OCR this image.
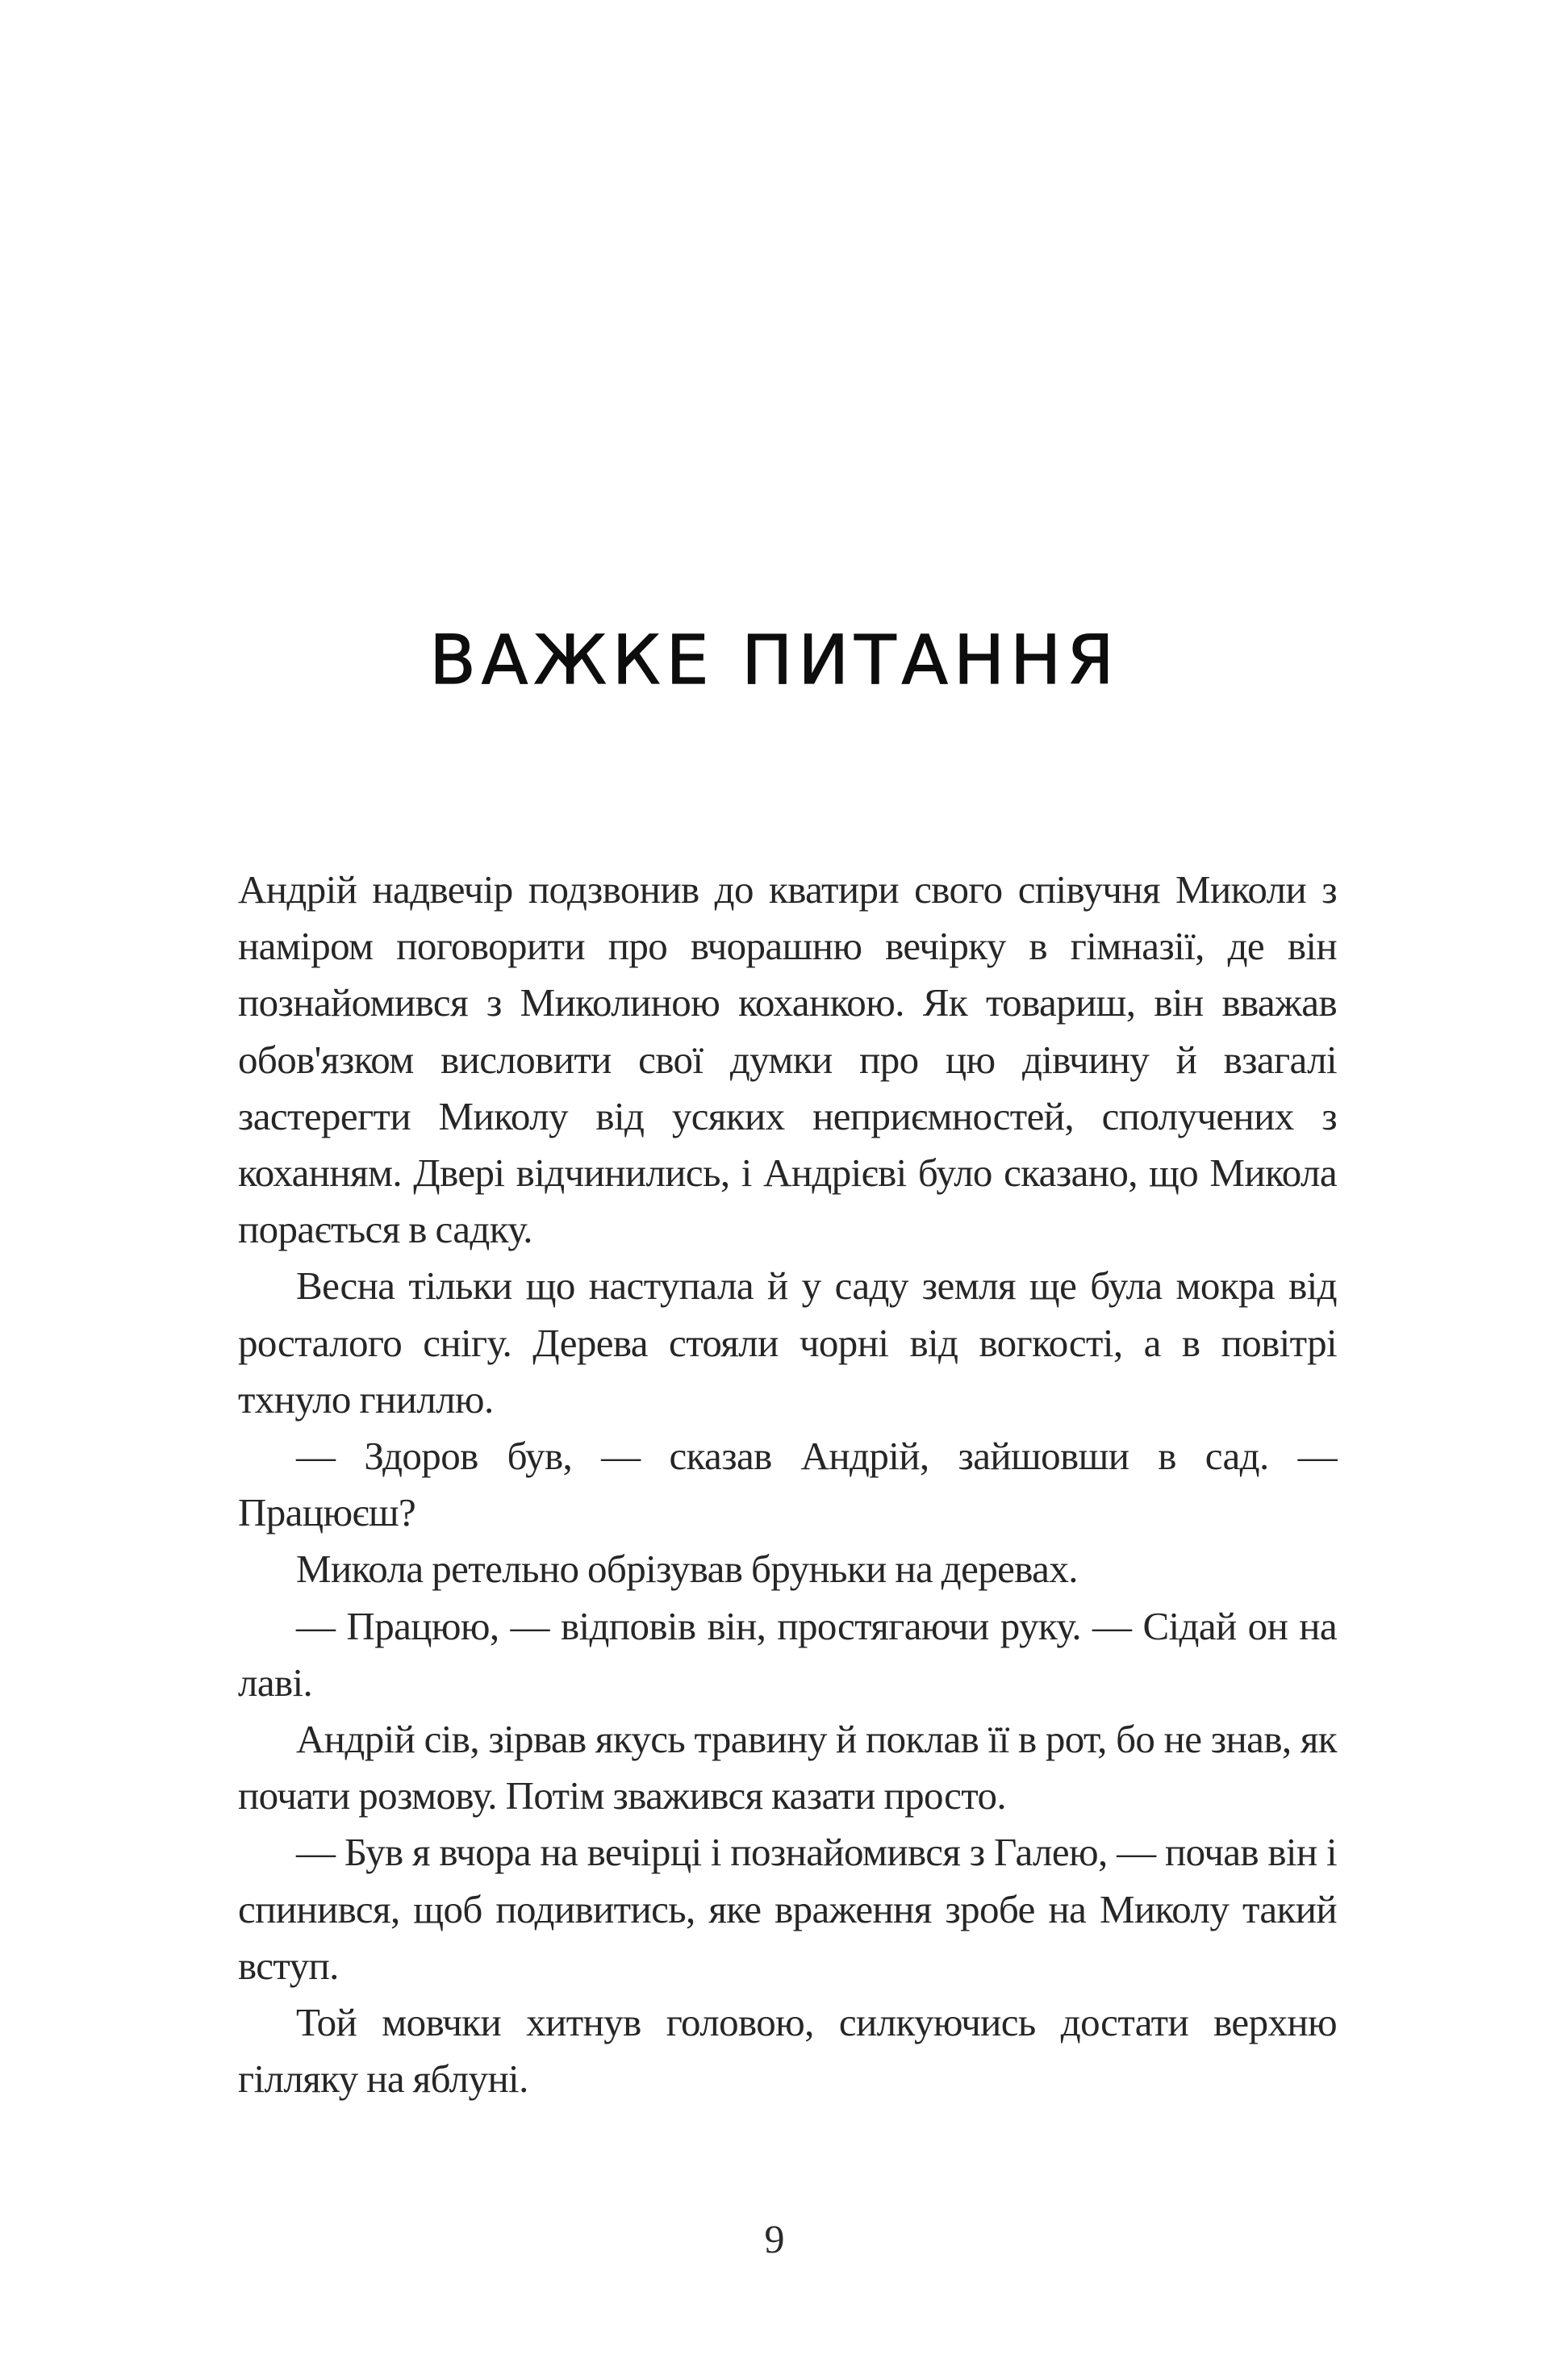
ВАЖКЕ ПИТАННЯ

Андрій надвечір подзвонив до кватири свого співучня Миколи з наміром поговорити про вчорашню вечірку в гімназії, де він познайомився з Миколиною коханкою. Як товариш, він вважав обов'язком висловити свої думки про цю дівчину й взагалі застерегти Миколу від усяких неприємностей, сполучених з коханням. Двері відчинились, і Андрієві було сказано, що Микола порається в садку.

Весна тільки що наступала й у саду земля ще була мокра від росталого снігу. Дерева стояли чорні від вогкості, а в повітрі тхнуло гниллю.

— Здоров був, — сказав Андрій, зайшовши в сад. — Працюєш?

Микола ретельно обрізував бруньки на деревах.

— Працюю, — відповів він, простягаючи руку. — Сідай он на лаві.

Андрій сів, зірвав якусь травину й поклав її в рот, бо не знав, як почати розмову. Потім зважився казати просто.

— Був я вчора на вечірці і познайомився з Галею, — почав він і спинився, щоб подивитись, яке враження зробе на Миколу такий вступ.

Той мовчки хитнув головою, силкуючись достати верхню гілляку на яблуні.

9
